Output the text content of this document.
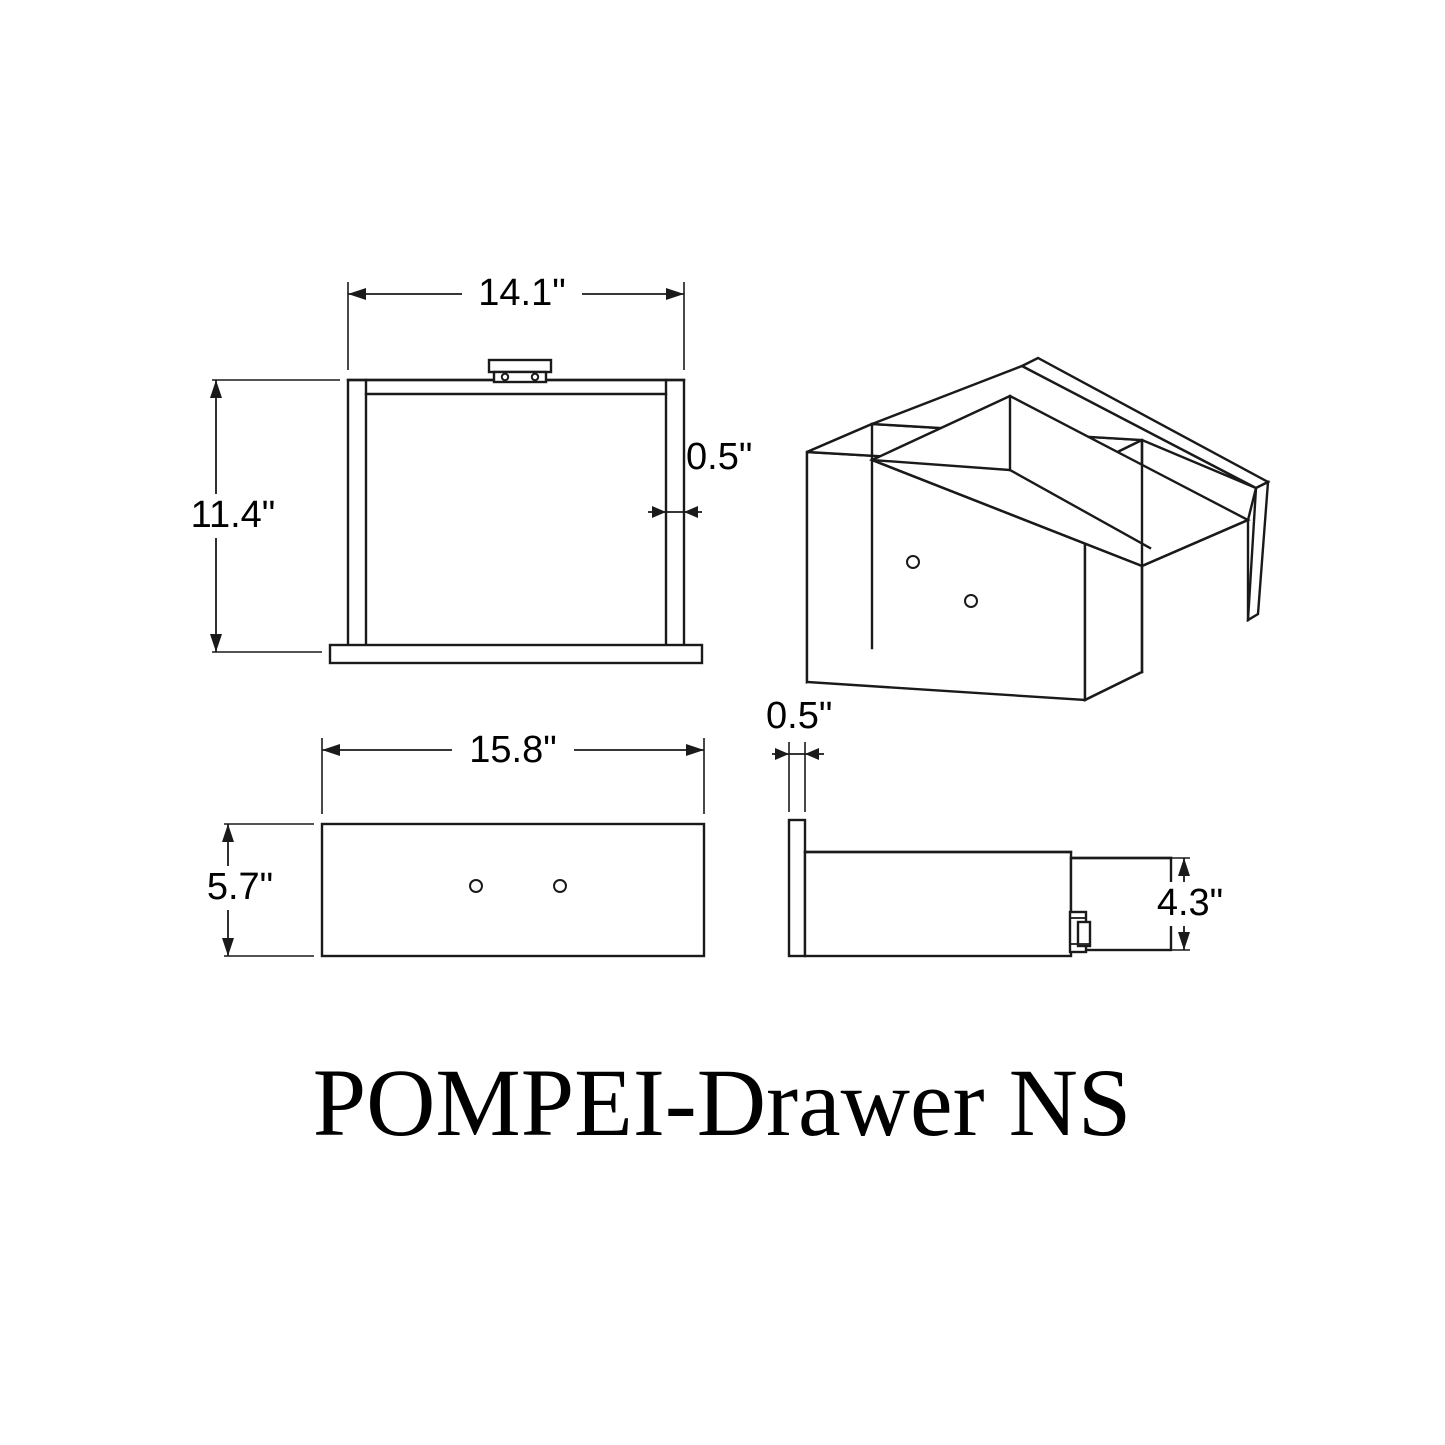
14.1"
11.4"
0.5"
15.8"
5.7"
0.5"
4.3"
POMPEI-Drawer NS
